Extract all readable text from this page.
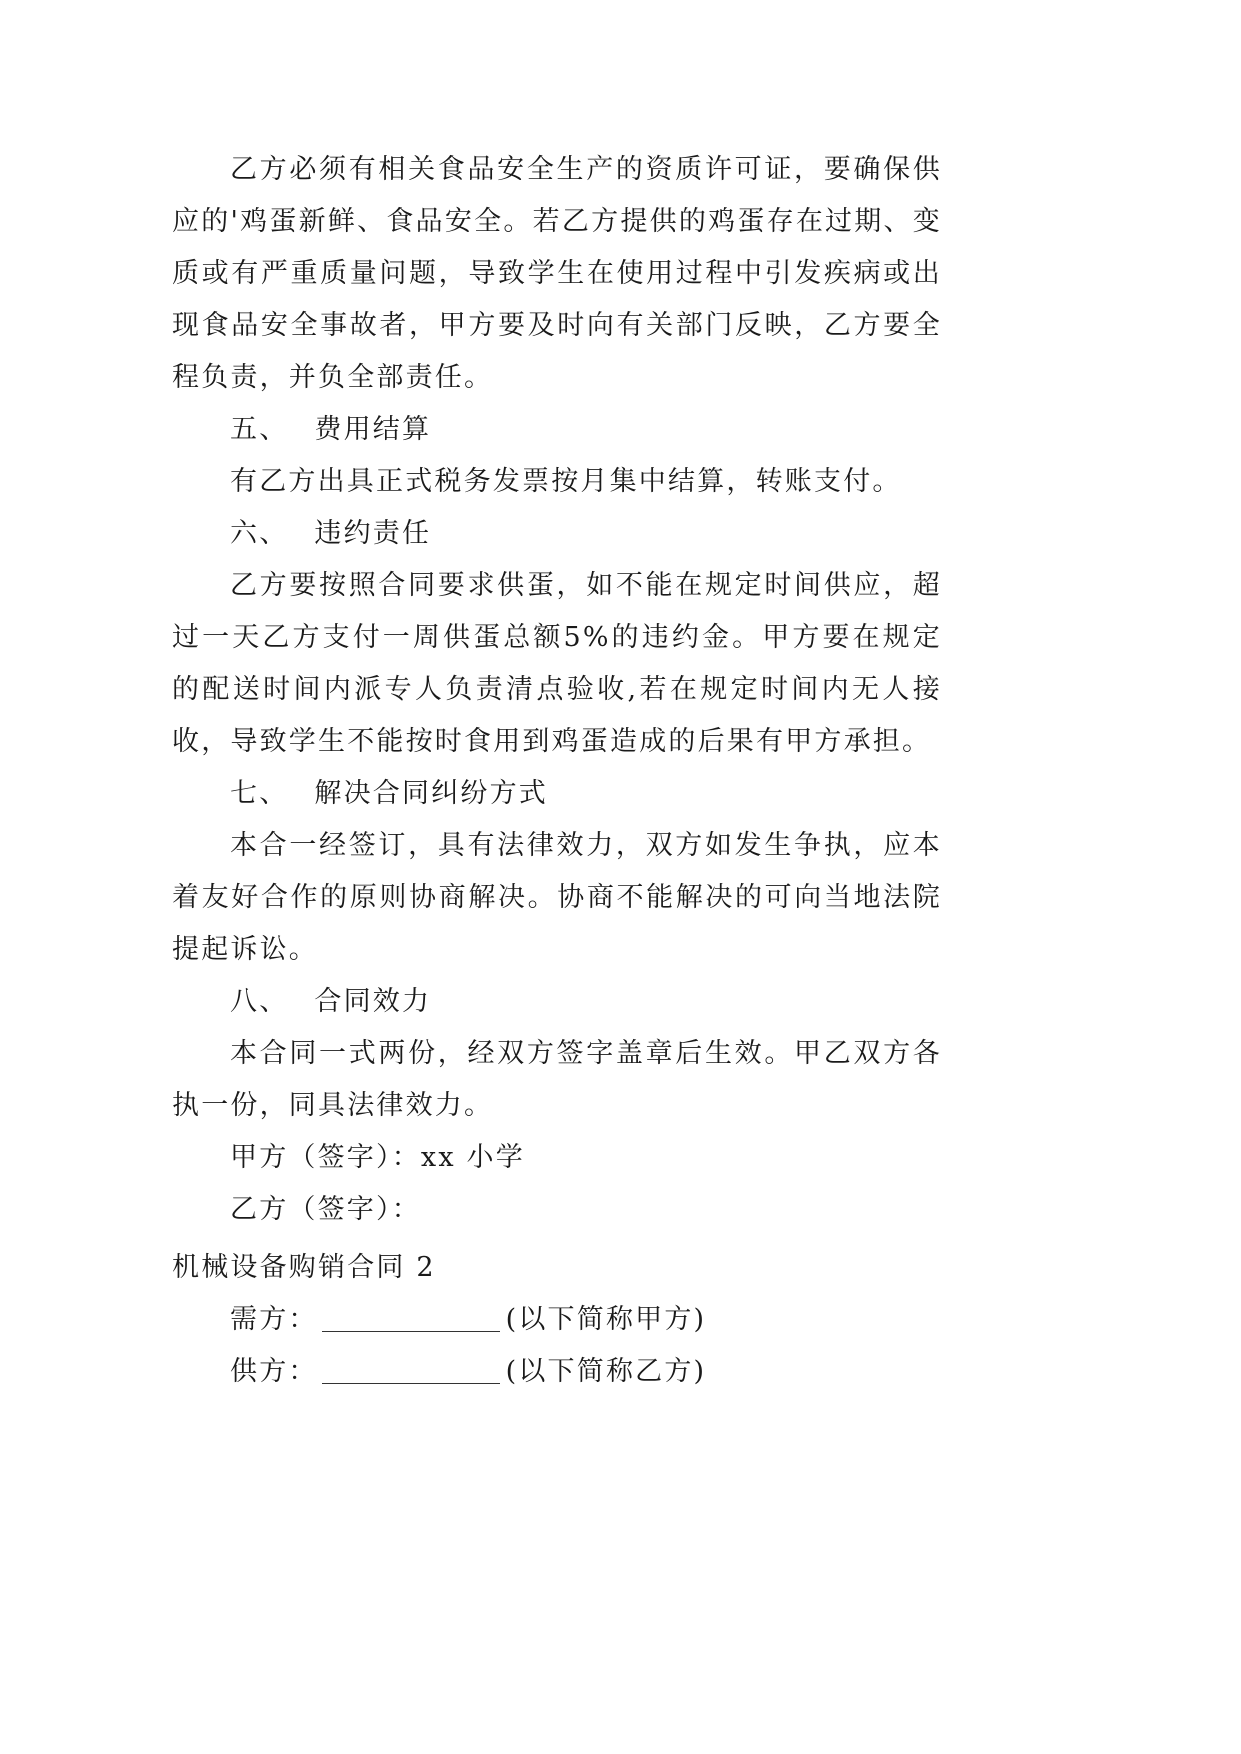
乙方必须有相关食品安全生产的资质许可证，要确保供应的'鸡蛋新鲜、食品安全。若乙方提供的鸡蛋存在过期、变质或有严重质量问题，导致学生在使用过程中引发疾病或出现食品安全事故者，甲方要及时向有关部门反映，乙方要全程负责，并负全部责任。

五、 费用结算

有乙方出具正式税务发票按月集中结算，转账支付。

六、 违约责任

乙方要按照合同要求供蛋，如不能在规定时间供应，超过一天乙方支付一周供蛋总额5%的违约金。甲方要在规定的配送时间内派专人负责清点验收,若在规定时间内无人接收，导致学生不能按时食用到鸡蛋造成的后果有甲方承担。

七、 解决合同纠纷方式

本合一经签订，具有法律效力，双方如发生争执，应本着友好合作的原则协商解决。协商不能解决的可向当地法院提起诉讼。

八、 合同效力

本合同一式两份，经双方签字盖章后生效。甲乙双方各执一份，同具法律效力。

甲方（签字）：xx 小学

乙方（签字）：

机械设备购销合同 2

需方：	(以下简称甲方)

供方：	(以下简称乙方)
